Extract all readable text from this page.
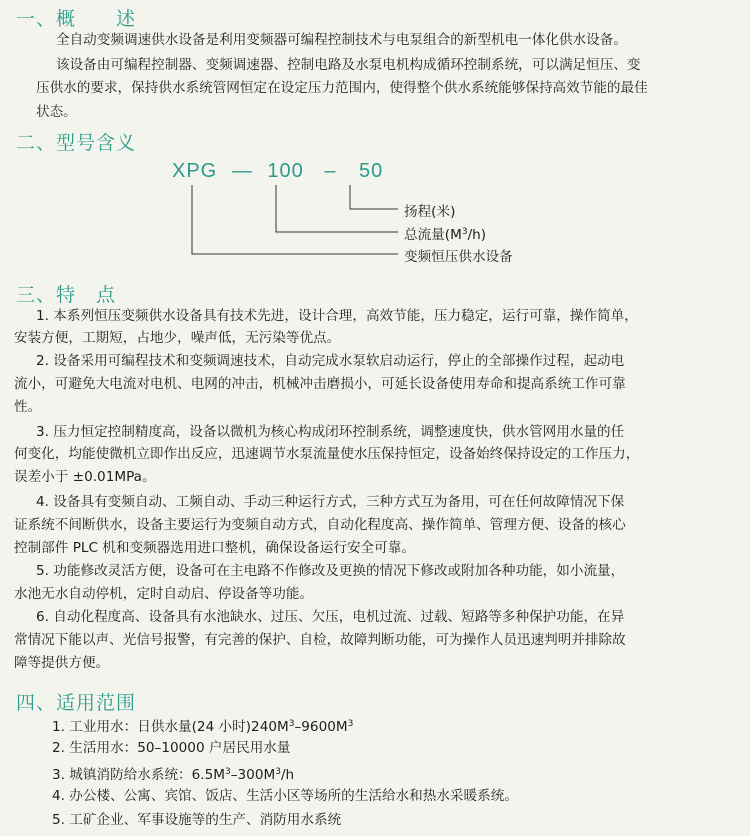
一、概　　述
全自动变频调速供水设备是利用变频器可编程控制技术与电泵组合的新型机电一体化供水设备。
该设备由可编程控制器、变频调速器、控制电路及水泵电机构成循环控制系统，可以满足恒压、变
压供水的要求，保持供水系统管网恒定在设定压力范围内，使得整个供水系统能够保持高效节能的最佳
状态。
二、型号含义
XPG — 100 – 50
扬程(米)
总流量$(M^3/h)$
变频恒压供水设备
三、特　点
1. 本系列恒压变频供水设备具有技术先进，设计合理，高效节能，压力稳定，运行可靠，操作简单，
安装方便，工期短，占地少，噪声低，无污染等优点。
2. 设备采用可编程技术和变频调速技术，自动完成水泵软启动运行，停止的全部操作过程，起动电
流小，可避免大电流对电机、电网的冲击，机械冲击磨损小，可延长设备使用寿命和提高系统工作可靠
性。
3. 压力恒定控制精度高，设备以微机为核心构成闭环控制系统，调整速度快，供水管网用水量的任
何变化，均能使微机立即作出反应，迅速调节水泵流量使水压保持恒定，设备始终保持设定的工作压力，
误差小于 ±0.01MPa。
4. 设备具有变频自动、工频自动、手动三种运行方式，三种方式互为备用，可在任何故障情况下保
证系统不间断供水，设备主要运行为变频自动方式，自动化程度高、操作简单、管理方便、设备的核心
控制部件 PLC 机和变频器选用进口整机，确保设备运行安全可靠。
5. 功能修改灵活方便，设备可在主电路不作修改及更换的情况下修改或附加各种功能，如小流量，
水池无水自动停机，定时自动启、停设备等功能。
6. 自动化程度高、设备具有水池缺水、过压、欠压，电机过流、过载、短路等多种保护功能，在异
常情况下能以声、光信号报警，有完善的保护、自检，故障判断功能，可为操作人员迅速判明并排除故
障等提供方便。
四、适用范围
1. 工业用水：日供水量(24 小时)$240M^3-9600M^3$
2. 生活用水：50–10000 户居民用水量
3. 城镇消防给水系统：$6.5M^3-300M^3/h$
4. 办公楼、公寓、宾馆、饭店、生活小区等场所的生活给水和热水采暖系统。
5. 工矿企业、军事设施等的生产、消防用水系统
